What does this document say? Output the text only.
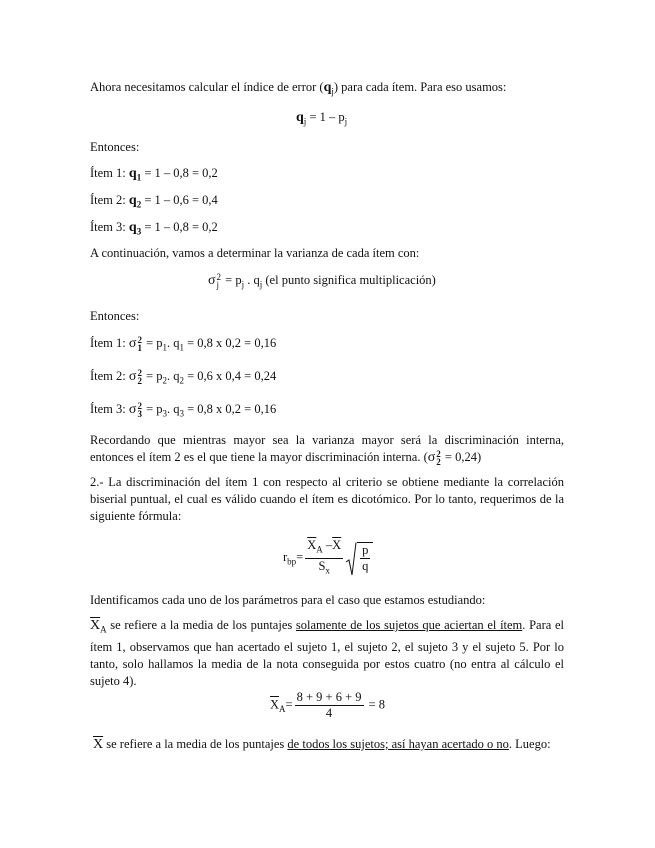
Ahora necesitamos calcular el índice de error $(q_j)$ para cada ítem. Para eso usamos:
$q_j = 1 - p_j$
Entonces:
Ítem 1: $q_1 = 1 - 0,8 = 0,2$
Ítem 2: $q_2 = 1 - 0,6 = 0,4$
Ítem 3: $q_3 = 1 - 0,8 = 0,2$
A continuación, vamos a determinar la varianza de cada ítem con:
σ 2
$j = p_j$ . $q_j$ (el punto significa multiplicación)
Entonces:
Ítem 1: σ 2
$1 = p_1$. $q_1 = 0,8$ x 0,2 = 0,16
Ítem 2: σ 2
$2 = p_2$. $q_2 = 0,6$ x 0,4 = 0,24
Ítem 3: σ 2
$3 = p_3$. $q_3 = 0,8$ x 0,2 = 0,16
Recordando que mientras mayor sea la varianza mayor será la discriminación interna, entonces el ítem 2 es el que tiene la mayor discriminación interna. (σ 2
2 = 0,24)
2.- La discriminación del ítem 1 con respecto al criterio se obtiene mediante la correlación biserial puntual, el cual es válido cuando el ítem es dicotómico. Por lo tanto, requerimos de la siguiente fórmula:
$r_{bp}= \frac{\overline{X}_A -\overline{X}}{S_x} \frac{p}{q}$
Identificamos cada uno de los parámetros para el caso que estamos estudiando:
$\overline{X}_A$ se refiere a la media de los puntajes solamente de los sujetos que aciertan el ítem. Para el ítem 1, observamos que han acertado el sujeto 1, el sujeto 2, el sujeto 3 y el sujeto 5. Por lo tanto, solo hallamos la media de la nota conseguida por estos cuatro (no entra al cálculo el sujeto 4).
$\overline{X}_A= \frac{8 + 9 + 6 + 9}{4} = 8$
$\overline{X}$ se refiere a la media de los puntajes de todos los sujetos; así hayan acertado o no. Luego:
